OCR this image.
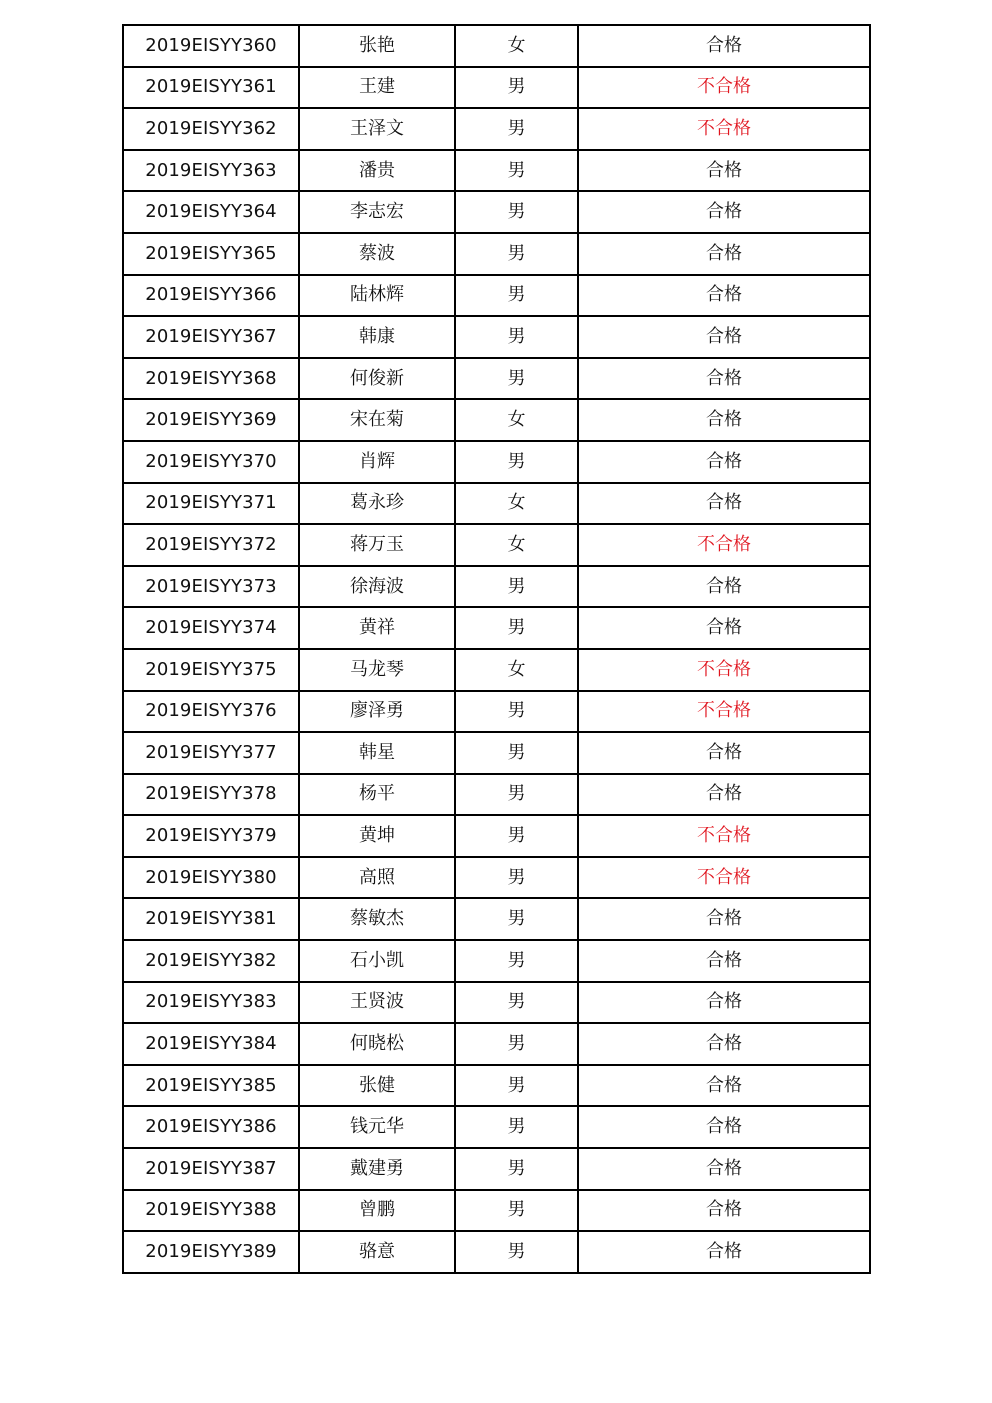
2019EISYY360	张艳	女	合格
2019EISYY361	王建	男	不合格
2019EISYY362	王泽文	男	不合格
2019EISYY363	潘贵	男	合格
2019EISYY364	李志宏	男	合格
2019EISYY365	蔡波	男	合格
2019EISYY366	陆林辉	男	合格
2019EISYY367	韩康	男	合格
2019EISYY368	何俊新	男	合格
2019EISYY369	宋在菊	女	合格
2019EISYY370	肖辉	男	合格
2019EISYY371	葛永珍	女	合格
2019EISYY372	蒋万玉	女	不合格
2019EISYY373	徐海波	男	合格
2019EISYY374	黄祥	男	合格
2019EISYY375	马龙琴	女	不合格
2019EISYY376	廖泽勇	男	不合格
2019EISYY377	韩星	男	合格
2019EISYY378	杨平	男	合格
2019EISYY379	黄坤	男	不合格
2019EISYY380	高照	男	不合格
2019EISYY381	蔡敏杰	男	合格
2019EISYY382	石小凯	男	合格
2019EISYY383	王贤波	男	合格
2019EISYY384	何晓松	男	合格
2019EISYY385	张健	男	合格
2019EISYY386	钱元华	男	合格
2019EISYY387	戴建勇	男	合格
2019EISYY388	曾鹏	男	合格
2019EISYY389	骆意	男	合格
